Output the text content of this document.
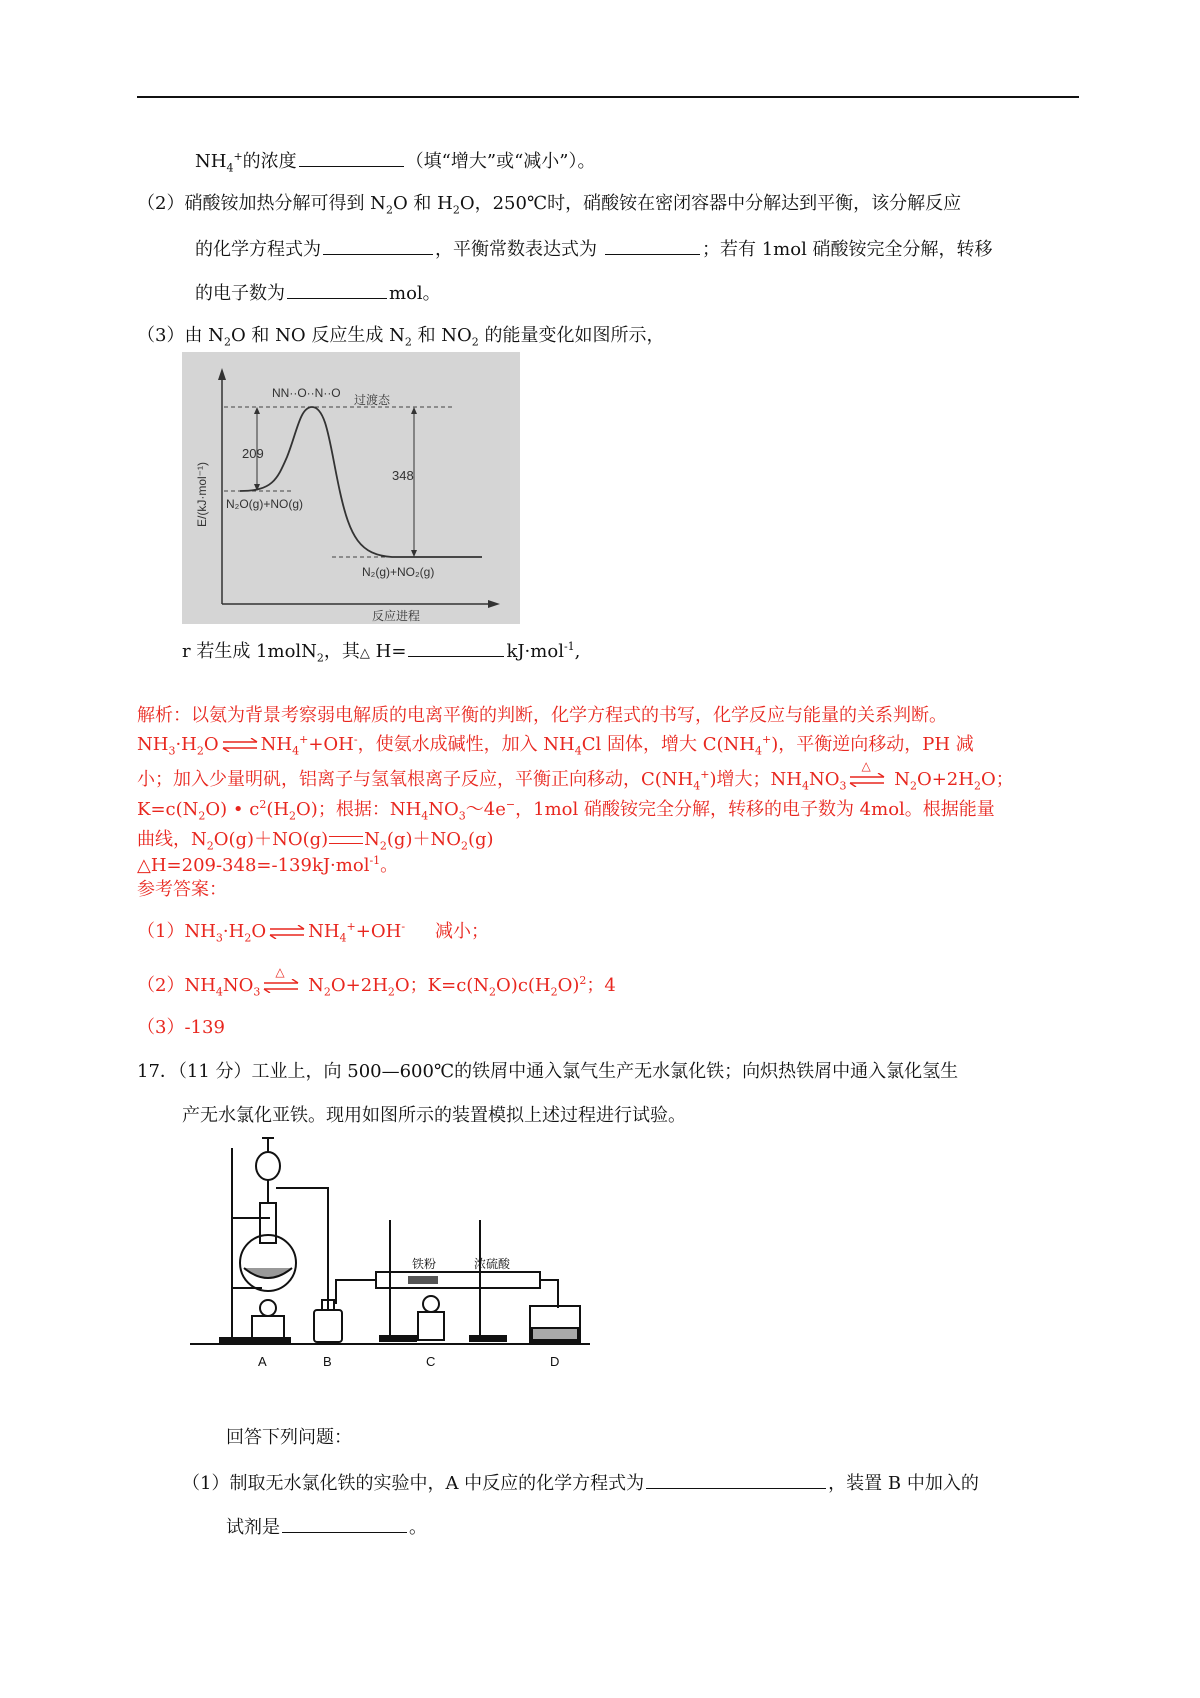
$NH_4^+$的浓度	（填“增大”或“减小”）。
（2）硝酸铵加热分解可得到 $N_2O$ 和 $H_2O$，250℃时，硝酸铵在密闭容器中分解达到平衡，该分解反应
的化学方程式为	，平衡常数表达式为	；若有 1mol 硝酸铵完全分解，转移
的电子数为	mol。
（3）由 $N_2O$ 和 NO 反应生成 $N_2$ 和 $NO_2$ 的能量变化如图所示，
209
348
NN··O··N··O 过渡态
N₂O(g)+NO(g)
N₂(g)+NO₂(g)
反应进程
E/(kJ·mol⁻¹)
r 若生成 1molN$_2$，其△ H=	kJ·mol$^{-1}$,
解析：以氨为背景考察弱电解质的电离平衡的判断，化学方程式的书写，化学反应与能量的关系判断。
$NH_3\cdot H_2O$ ⇌ $NH_4^++OH^-$，使氨水成碱性，加入 $NH_4Cl$ 固体，增大 $C(NH_4^+)$，平衡逆向移动，PH 减
小；加入少量明矾，铝离子与氢氧根离子反应，平衡正向移动，$C(NH_4^+)$增大；$NH_4NO_3$
△
$N_2O+2H_2O$；
$K=c(N_2O)$ • $c^2(H_2O)$；根据：$NH_4NO_3\sim 4e^-$，1mol 硝酸铵完全分解，转移的电子数为 4mol。根据能量
曲线，$N_2O(g)+NO(g)$ $N_2(g)+NO_2(g)$
△H=209-348=-139kJ·mol$^{-1}$。
参考答案：
$(1)NH_3\cdot H_2O$ ⇌ $NH_4^++OH^-$ 减小；
$(2)NH_4NO_3$
△
$N_2O+2H_2O$；$K=c(N_2O)c(H_2O)^2$；4
（3）-139
17．（11 分）工业上，向 500—600℃的铁屑中通入氯气生产无水氯化铁；向炽热铁屑中通入氯化氢生
产无水氯化亚铁。现用如图所示的装置模拟上述过程进行试验。
铁粉	浓硫酸
A	B	C	D
回答下列问题：
（1）制取无水氯化铁的实验中，A 中反应的化学方程式为	，装置 B 中加入的
试剂是	。
